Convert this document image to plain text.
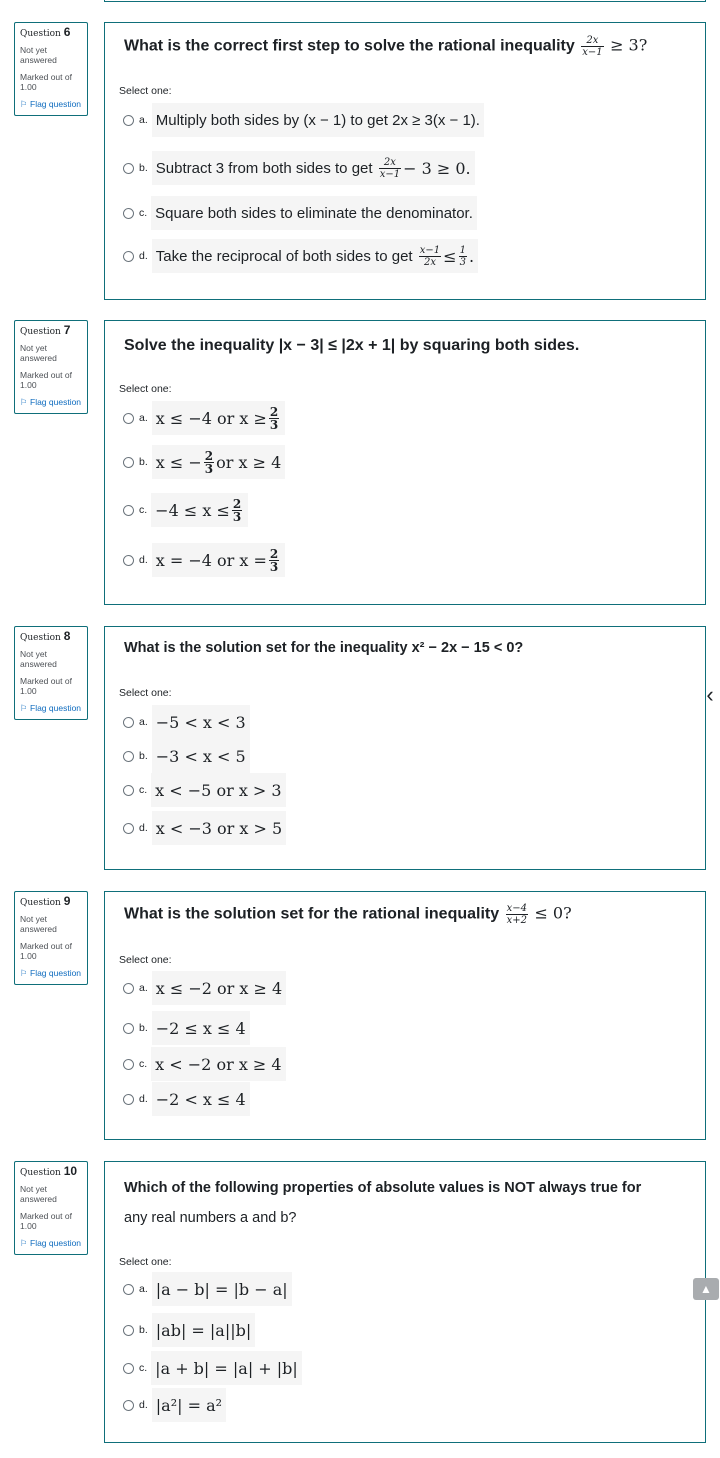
Question 6
Not yet answered
Marked out of 1.00
⚐ Flag question
What is the correct first step to solve the rational inequality $\frac{2x}{x-1} \ge 3$?
Select one:
a. Multiply both sides by (x − 1) to get 2x ≥ 3(x − 1).
b. Subtract 3 from both sides to get
$\frac{2x}{x-1} - 3 \ge 0$.
c. Square both sides to eliminate the denominator.
d. Take the reciprocal of both sides to get
$\frac{x-1}{2x} \le \frac{1}{3}$ .
Question 7
Not yet answered
Marked out of 1.00
⚐ Flag question
Solve the inequality |x − 3| ≤ |2x + 1| by squaring both sides.
Select one:
a. x ≤ −4 or $x \ge \frac{2}{3}$
b. x ≤ − $\frac{2}{3}$ or x ≥ 4
c. $-4 \le x \le \frac{2}{3}$
d. x = −4 or $x = \frac{2}{3}$
Question 8
Not yet answered
Marked out of 1.00
⚐ Flag question
What is the solution set for the inequality x² − 2x − 15 < 0?
Select one:
a. −5 < x < 3
b. −3 < x < 5
c. x < −5 or x > 3
d. x < −3 or x > 5
‹
Question 9
Not yet answered
Marked out of 1.00
⚐ Flag question
What is the solution set for the rational inequality $\frac{x-4}{x+2} \le 0$?
Select one:
a. x ≤ −2 or x ≥ 4
b. −2 ≤ x ≤ 4
c. x < −2 or x ≥ 4
d. −2 < x ≤ 4
Question 10
Not yet answered
Marked out of 1.00
⚐ Flag question
Which of the following properties of absolute values is NOT always true for
any real numbers a and b?
Select one:
a. |a − b| = |b − a|
b. |ab| = |a||b|
c. |a + b| = |a| + |b|
d. |a²| = a²
▲
